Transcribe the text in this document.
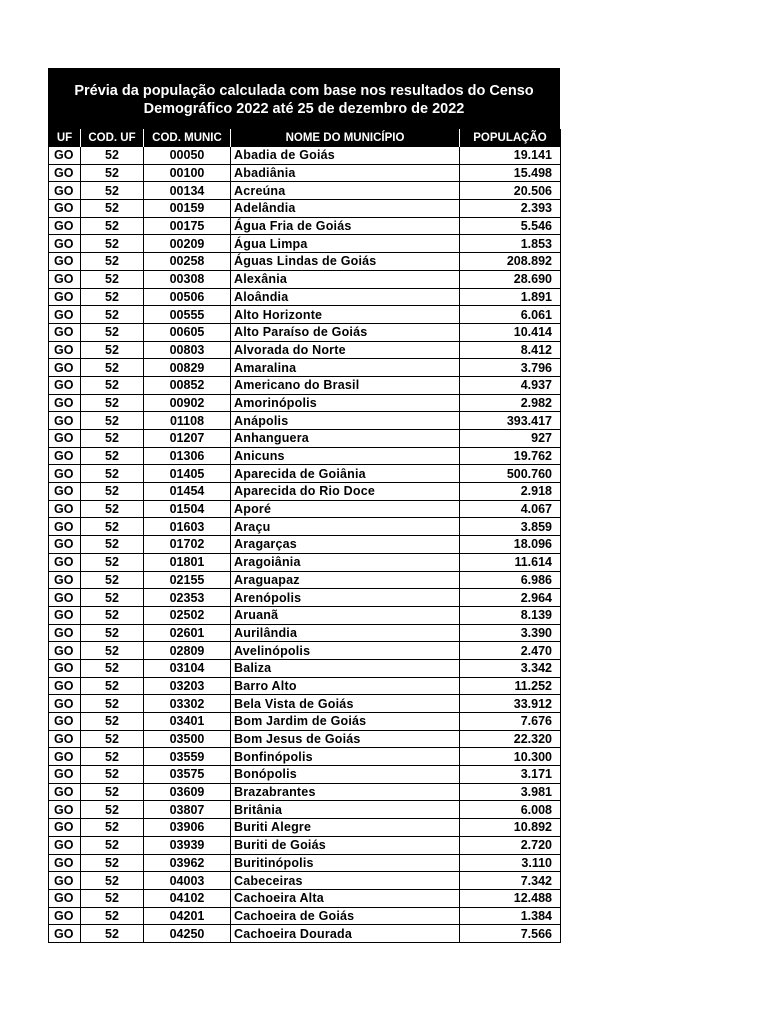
Prévia da população calculada com base nos resultados do Censo
Demográfico 2022 até 25 de dezembro de 2022
UF	COD. UF	COD. MUNIC	NOME DO MUNICÍPIO	POPULAÇÃO
GO	52	00050	Abadia de Goiás	19.141
GO	52	00100	Abadiânia	15.498
GO	52	00134	Acreúna	20.506
GO	52	00159	Adelândia	2.393
GO	52	00175	Água Fria de Goiás	5.546
GO	52	00209	Água Limpa	1.853
GO	52	00258	Águas Lindas de Goiás	208.892
GO	52	00308	Alexânia	28.690
GO	52	00506	Aloândia	1.891
GO	52	00555	Alto Horizonte	6.061
GO	52	00605	Alto Paraíso de Goiás	10.414
GO	52	00803	Alvorada do Norte	8.412
GO	52	00829	Amaralina	3.796
GO	52	00852	Americano do Brasil	4.937
GO	52	00902	Amorinópolis	2.982
GO	52	01108	Anápolis	393.417
GO	52	01207	Anhanguera	927
GO	52	01306	Anicuns	19.762
GO	52	01405	Aparecida de Goiânia	500.760
GO	52	01454	Aparecida do Rio Doce	2.918
GO	52	01504	Aporé	4.067
GO	52	01603	Araçu	3.859
GO	52	01702	Aragarças	18.096
GO	52	01801	Aragoiânia	11.614
GO	52	02155	Araguapaz	6.986
GO	52	02353	Arenópolis	2.964
GO	52	02502	Aruanã	8.139
GO	52	02601	Aurilândia	3.390
GO	52	02809	Avelinópolis	2.470
GO	52	03104	Baliza	3.342
GO	52	03203	Barro Alto	11.252
GO	52	03302	Bela Vista de Goiás	33.912
GO	52	03401	Bom Jardim de Goiás	7.676
GO	52	03500	Bom Jesus de Goiás	22.320
GO	52	03559	Bonfinópolis	10.300
GO	52	03575	Bonópolis	3.171
GO	52	03609	Brazabrantes	3.981
GO	52	03807	Britânia	6.008
GO	52	03906	Buriti Alegre	10.892
GO	52	03939	Buriti de Goiás	2.720
GO	52	03962	Buritinópolis	3.110
GO	52	04003	Cabeceiras	7.342
GO	52	04102	Cachoeira Alta	12.488
GO	52	04201	Cachoeira de Goiás	1.384
GO	52	04250	Cachoeira Dourada	7.566
